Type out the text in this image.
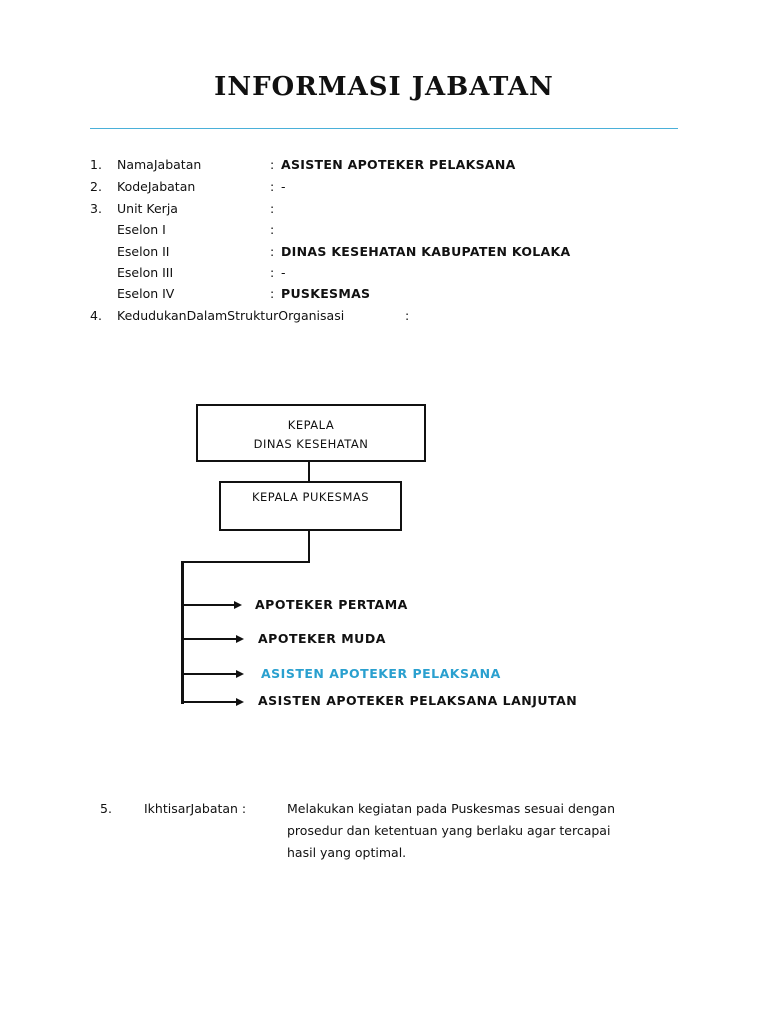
INFORMASI JABATAN
1. NamaJabatan	: ASISTEN APOTEKER PELAKSANA
2. KodeJabatan	: -
3. Unit Kerja	:
Eselon I	:
Eselon II	: DINAS KESEHATAN KABUPATEN KOLAKA
Eselon III	: -
Eselon IV	: PUSKESMAS
4. KedudukanDalamStrukturOrganisasi	:
KEPALA
DINAS KESEHATAN
KEPALA PUKESMAS
APOTEKER PERTAMA
APOTEKER MUDA
ASISTEN APOTEKER PELAKSANA
ASISTEN APOTEKER PELAKSANA LANJUTAN
5.	IkhtisarJabatan :	Melakukan kegiatan pada Puskesmas sesuai dengan
prosedur dan ketentuan yang berlaku agar tercapai
hasil yang optimal.
